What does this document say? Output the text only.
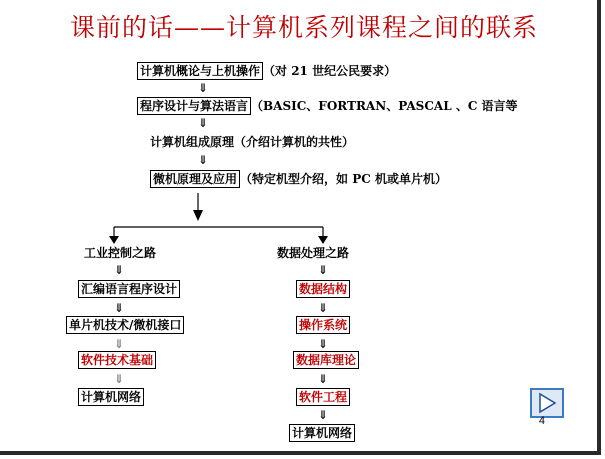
课前的话——计算机系列课程之间的联系
计算机概论与上机操作 （对 21 世纪公民要求）
⇓
程序设计与算法语言 （BASIC、FORTRAN、PASCAL 、C 语言等
⇓
计算机组成原理（介绍计算机的共性）
⇓
微机原理及应用 （特定机型介绍，如 PC 机或单片机）
工业控制之路
⇓
汇编语言程序设计
⇓
单片机技术/微机接口
⇓
软件技术基础
⇓
计算机网络
数据处理之路
⇓
数据结构
⇓
操作系统
⇓
数据库理论
⇓
软件工程
⇓
计算机网络
4
